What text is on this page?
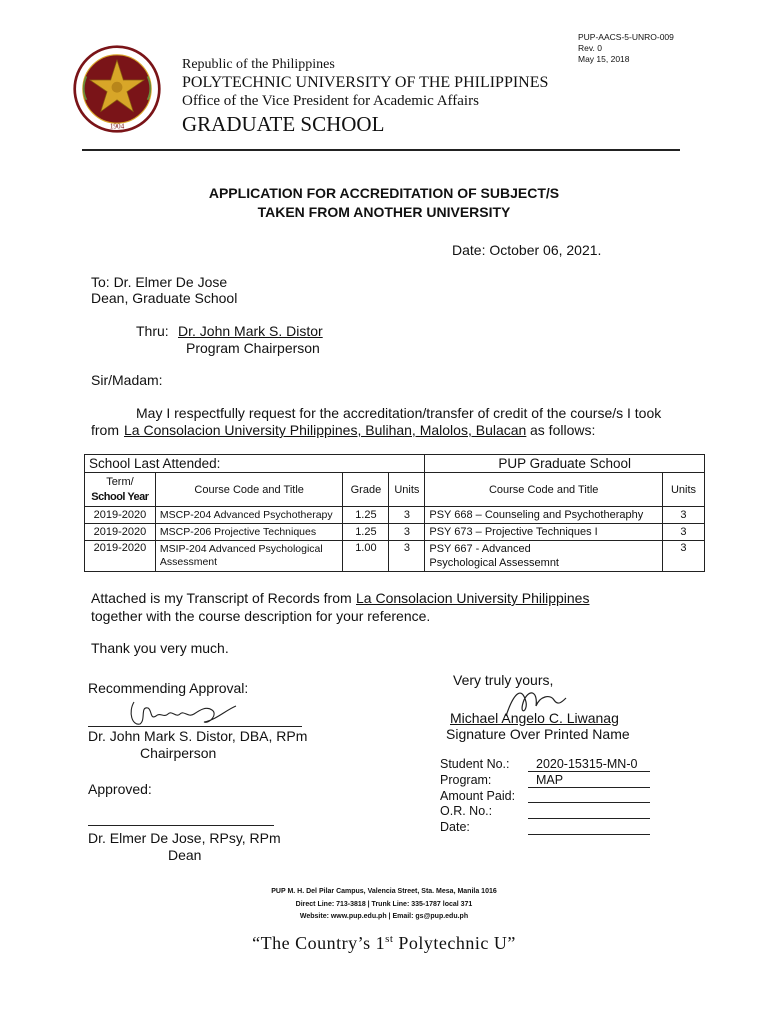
PUP-AACS-5-UNRO-009
Rev. 0
May 15, 2018
1904
Republic of the Philippines
POLYTECHNIC UNIVERSITY OF THE PHILIPPINES
Office of the Vice President for Academic Affairs
GRADUATE SCHOOL
APPLICATION FOR ACCREDITATION OF SUBJECT/S
TAKEN FROM ANOTHER UNIVERSITY
Date: October 06, 2021.
To: Dr. Elmer De Jose
Dean, Graduate School
Thru: Dr. John Mark S. Distor
Program Chairperson
Sir/Madam:
May I respectfully request for the accreditation/transfer of credit of the course/s I took
from La Consolacion University Philippines, Bulihan, Malolos, Bulacan as follows:
School Last Attended:				PUP Graduate School	

Term/
School Year	Course Code and Title	Grade	Units	Course Code and Title	Units
2019-2020	MSCP-204 Advanced Psychotherapy	1.25	3	PSY 668 – Counseling and Psychotheraphy	3
2019-2020	MSCP-206 Projective Techniques	1.25	3	PSY 673 – Projective Techniques I	3
2019-2020	MSIP-204 Advanced Psychological Assessment	1.00	3	PSY 667 - Advanced Psychological Assessemnt	3
Attached is my Transcript of Records from La Consolacion University Philippines
together with the course description for your reference.
Thank you very much.
Very truly yours,
Michael Angelo C. Liwanag
Signature Over Printed Name
Student No.: 2020-15315-MN-0
Program:	MAP
Amount Paid:
O.R. No.:
Date:
Recommending Approval:
Dr. John Mark S. Distor, DBA, RPm
Chairperson
Approved:
Dr. Elmer De Jose, RPsy, RPm
Dean
PUP M. H. Del Pilar Campus, Valencia Street, Sta. Mesa, Manila 1016
Direct Line: 713-3818 | Trunk Line: 335-1787 local 371
Website: www.pup.edu.ph | Email: gs@pup.edu.ph
“The Country’s 1st Polytechnic U”
